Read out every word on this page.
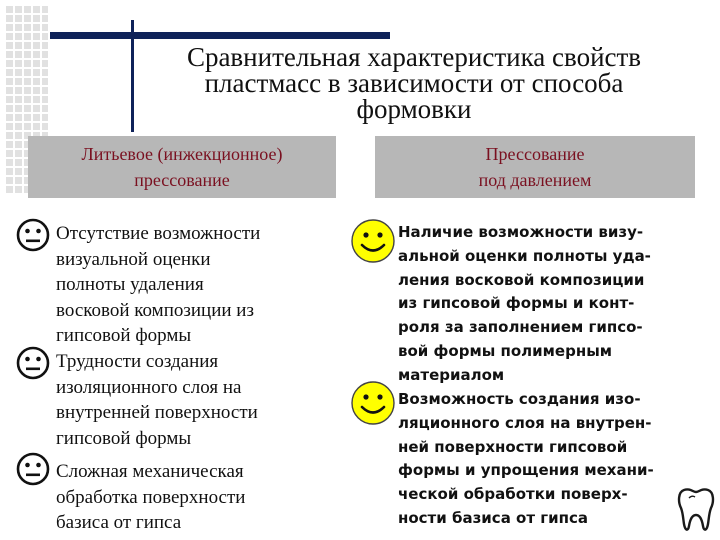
Сравнительная характеристика свойств
пластмасс в зависимости от способа
формовки
Литьевое (инжекционное)
прессование
Прессование
под давлением

Отсутствие возможности
визуальной оценки
полноты удаления
восковой композиции из
гипсовой формы

Трудности создания
изоляционного слоя на
внутренней поверхности
гипсовой формы

Сложная механическая
обработка поверхности
базиса от гипса

Наличие возможности визу-
альной оценки полноты уда-
ления восковой композиции
из гипсовой формы и конт-
роля за заполнением гипсо-
вой формы полимерным
материалом

Возможность создания изо-
ляционного слоя на внутрен-
ней поверхности гипсовой
формы и упрощения механи-
ческой обработки поверх-
ности базиса от гипса
